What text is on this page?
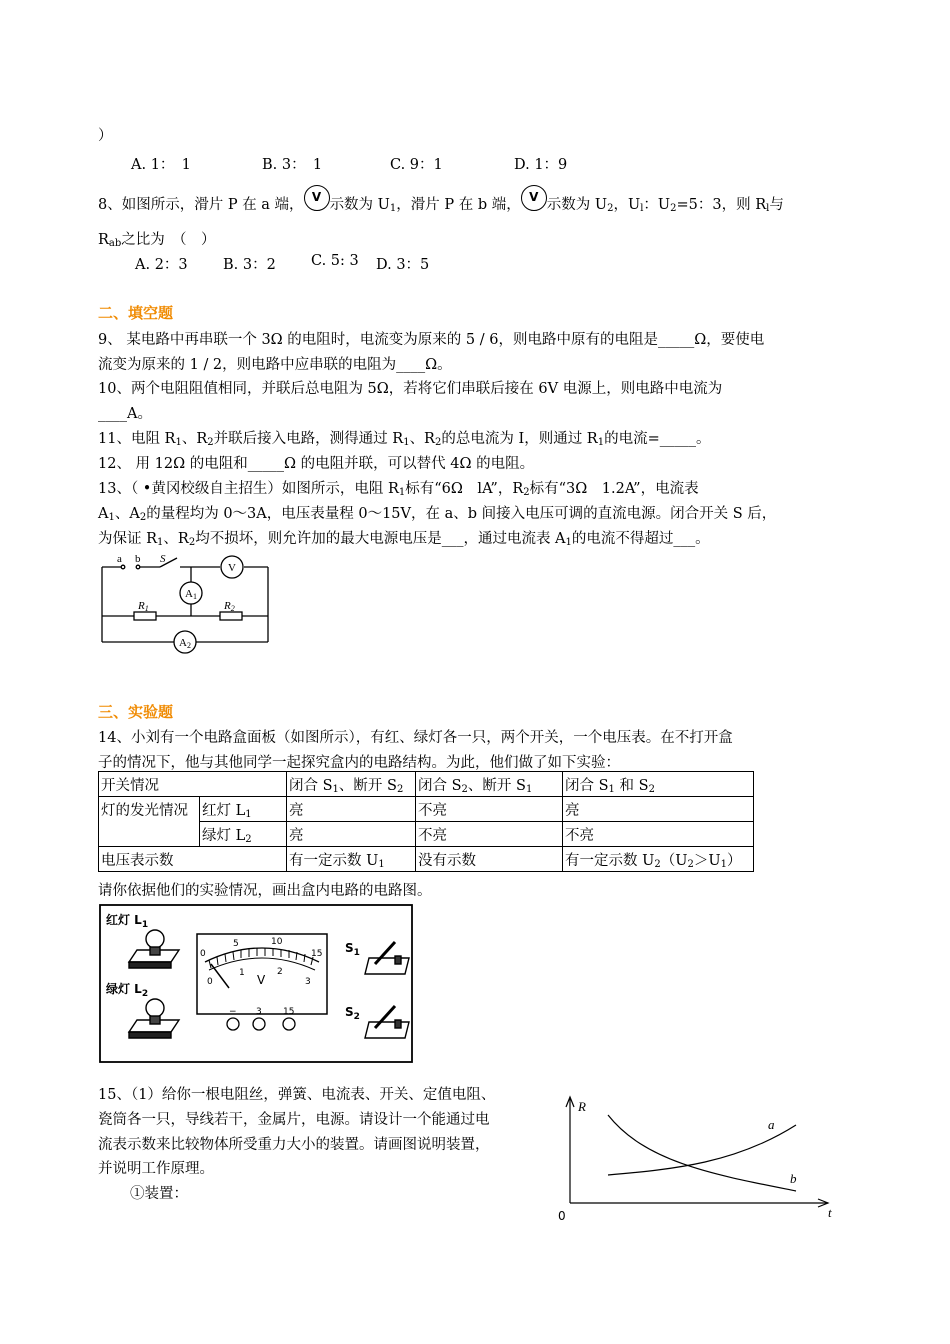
）
A. 1：　1	B. 3：　1	C. 9：1	D. 1：9
8、如图所示，滑片 P 在 a 端， V 示数为 $U_1$，滑片 P 在 b 端， V 示数为 $U_2$，$U_l$：$U_2=5$：3，则 $R_l$与
$R_{ab}$之比为　（　）
A. 2：3 B. 3：2 C. 5: 3 D. 3：5
二、填空题
9、 某电路中再串联一个 3Ω 的电阻时，电流变为原来的 5 / 6，则电路中原有的电阻是_____Ω，要使电
流变为原来的 1 / 2，则电路中应串联的电阻为____Ω。
10、两个电阻阻值相同，并联后总电阻为 5Ω，若将它们串联后接在 6V 电源上，则电路中电流为
____A。
11、电阻 $R_1$、$R_2$并联后接入电路，测得通过 $R_1$、$R_2$的总电流为 I，则通过 $R_1$的电流=_____。
12、 用 12Ω 的电阻和_____Ω 的电阻并联，可以替代 4Ω 的电阻。
13、（ •黄冈校级自主招生）如图所示，电阻 $R_1$标有“6Ω　lA”，$R_2$标有“3Ω　1.2A”，电流表
$A_1$、$A_2$的量程均为 0～3A，电压表量程 0～15V，在 a、b 间接入电压可调的直流电源。闭合开关 S 后，
为保证 $R_1$、$R_2$均不损坏，则允许加的最大电源电压是___，通过电流表 $A_1$的电流不得超过___。
a b S
V
A1
R1	R2
A2
三、实验题
14、小刘有一个电路盒面板（如图所示），有红、绿灯各一只，两个开关，一个电压表。在不打开盒
子的情况下，他与其他同学一起探究盒内的电路结构。为此，他们做了如下实验：
开关情况		闭合 $S_1$、断开 $S_2$	闭合 $S_2$、断开 $S_1$	闭合 $S_1$ 和 $S_2$
灯的发光情况	红灯 $L_1$	亮	不亮	亮
	绿灯 $L_2$	亮	不亮	不亮
电压表示数		有一定示数 $U_1$	没有示数	有一定示数 $U_2(U_2>U_1)$
请你依据他们的实验情况，画出盒内电路的电路图。
红灯 $L_1$
绿灯 $L_2$
$S_1$
$S_2$
0
5	10
15
0
1	2
3
V
− 3 15
15、（1）给你一根电阻丝，弹簧、电流表、开关、定值电阻、
瓷筒各一只，导线若干，金属片，电源。请设计一个能通过电
流表示数来比较物体所受重力大小的装置。请画图说明装置，
并说明工作原理。
①装置：
R
t
0
a
b
